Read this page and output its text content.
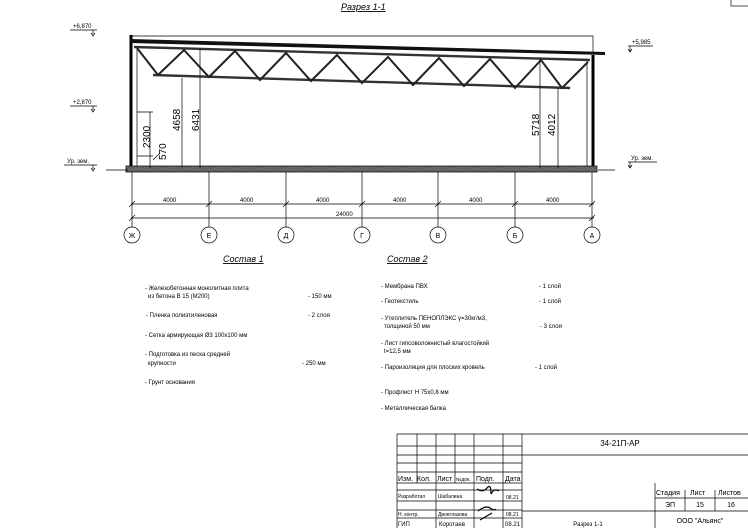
Разрез 1-1
+6,870
+2,870
Ур. зем.
+5,985
Ур. зем.
2300
570
4658 6431	5718 4012
4000	4000	4000	4000	4000	4000
24000
Ж	Е	Д	Г	В	Б	А
Состав 1
- Железобетонная монолитная плита
из бетона В 15 (М200)	- 150 мм
- Пленка полиэтиленовая	- 2 слоя
- Сетка армирующая Ø3 100x100 мм
- Подготовка из песка средней
крупности	- 250 мм
- Грунт основания
Состав 2
- Мембрана ПВХ	- 1 слой
- Геотекстиль	- 1 слой
- Утеплитель ПЕНОПЛЭКС γ=30кг/м3,
толщиной 50 мм	- 3 слоя
- Лист гипсоволокнистый влагостойкий
t=12,5 мм
- Пароизоляция для плоских кровель	- 1 слой
- Профлист Н 75x0,8 мм
- Металлическая балка
34-21П-АР
Изм. Кол. Лист №док. Подп. Дата
Разработал	Шабалина	08.21
Н. контр.	Двоеглазова	08.21
ГИП	Коротаев	08.21
Стадия Лист Листов
ЭП	15	16
Разрез 1-1	ООО "Альянс"
